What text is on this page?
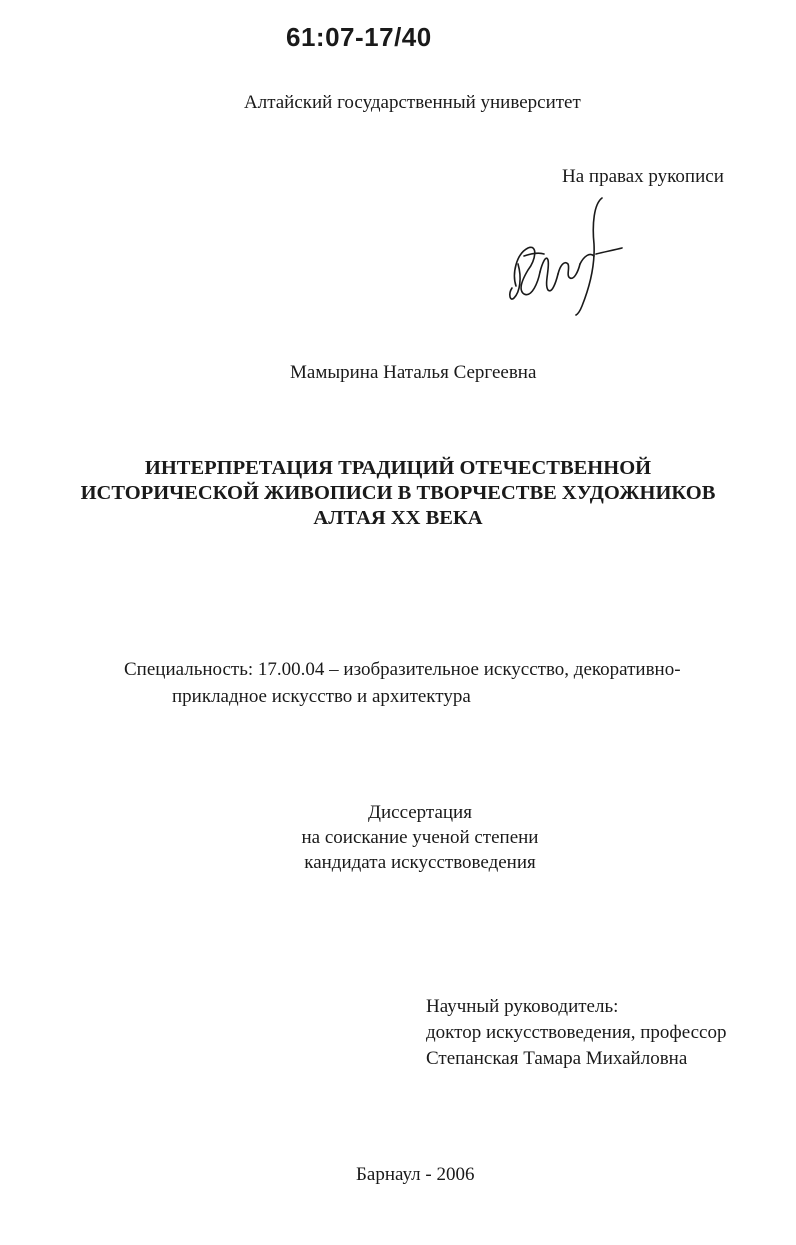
61:07-17/40
Алтайский государственный университет
На правах рукописи
Мамырина Наталья Сергеевна
ИНТЕРПРЕТАЦИЯ ТРАДИЦИЙ ОТЕЧЕСТВЕННОЙ
ИСТОРИЧЕСКОЙ ЖИВОПИСИ В ТВОРЧЕСТВЕ ХУДОЖНИКОВ
АЛТАЯ XX ВЕКА
Специальность: 17.00.04 – изобразительное искусство, декоративно-
прикладное искусство и архитектура
Диссертация
на соискание ученой степени
кандидата искусствоведения
Научный руководитель:
доктор искусствоведения, профессор
Степанская Тамара Михайловна
Барнаул - 2006
